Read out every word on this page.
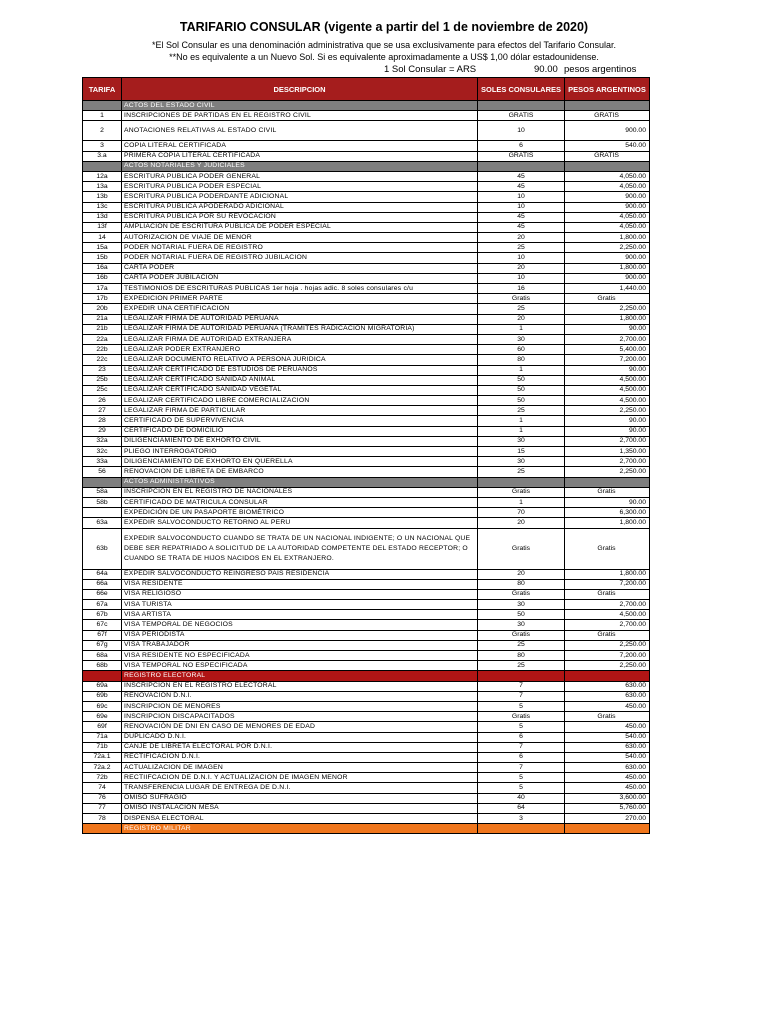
TARIFARIO CONSULAR (vigente a partir del 1 de noviembre de 2020)
*El Sol Consular es una denominación administrativa que se usa exclusivamente para efectos del Tarifario Consular.
**No es equivalente a un Nuevo Sol. Si es equivalente aproximadamente a US$ 1,00 dólar estadounidense.

1 Sol Consular = ARS

	90.00

pesos argentinos

TARIFA	DESCRIPCION	SOLES CONSULARES	PESOS ARGENTINOS
	ACTOS DEL ESTADO CIVIL		
1	INSCRIPCIONES DE PARTIDAS EN EL REGISTRO CIVIL	GRATIS	GRATIS
2	ANOTACIONES RELATIVAS AL ESTADO CIVIL	10	900.00
3	COPIA LITERAL CERTIFICADA	6	540.00
3.a	PRIMERA COPIA LITERAL CERTIFICADA	GRATIS	GRATIS
	ACTOS NOTARIALES Y JUDICIALES		
12a	ESCRITURA PUBLICA PODER GENERAL	45	4,050.00
13a	ESCRITURA PUBLICA PODER ESPECIAL	45	4,050.00
13b	ESCRITURA PUBLICA PODERDANTE ADICIONAL	10	900.00
13c	ESCRITURA PUBLICA APODERADO ADICIONAL	10	900.00
13d	ESCRITURA PUBLICA POR SU REVOCACION	45	4,050.00
13f	AMPLIACION DE ESCRITURA PUBLICA DE PODER ESPECIAL	45	4,050.00
14	AUTORIZACION DE VIAJE DE MENOR	20	1,800.00
15a	PODER NOTARIAL FUERA DE REGISTRO	25	2,250.00
15b	PODER NOTARIAL FUERA DE REGISTRO JUBILACION	10	900.00
16a	CARTA PODER	20	1,800.00
16b	CARTA PODER JUBILACION	10	900.00
17a	TESTIMONIOS DE ESCRITURAS PUBLICAS 1er hoja . hojas adic. 8 soles consulares c/u	16	1,440.00
17b	EXPEDICION PRIMER PARTE	Gratis	Gratis
20b	EXPEDIR UNA CERTIFICACION	25	2,250.00
21a	LEGALIZAR FIRMA DE AUTORIDAD PERUANA	20	1,800.00
21b	LEGALIZAR FIRMA DE AUTORIDAD PERUANA (TRAMITES RADICACION MIGRATORIA)	1	90.00
22a	LEGALIZAR FIRMA DE AUTORIDAD EXTRANJERA	30	2,700.00
22b	LEGALIZAR PODER EXTRANJERO	60	5,400.00
22c	LEGALIZAR DOCUMENTO RELATIVO A PERSONA JURIDICA	80	7,200.00
23	LEGALIZAR CERTIFICADO DE ESTUDIOS DE PERUANOS	1	90.00
25b	LEGALIZAR CERTIFICADO SANIDAD ANIMAL	50	4,500.00
25c	LEGALIZAR CERTIFICADO SANIDAD VEGETAL	50	4,500.00
26	LEGALIZAR CERTIFICADO LIBRE COMERCIALIZACION	50	4,500.00
27	LEGALIZAR FIRMA DE PARTICULAR	25	2,250.00
28	CERTIFICADO DE SUPERVIVENCIA	1	90.00
29	CERTIFICADO DE DOMICILIO	1	90.00
32a	DILIGENCIAMIENTO DE EXHORTO CIVIL	30	2,700.00
32c	PLIEGO INTERROGATORIO	15	1,350.00
33a	DILIGENCIAMIENTO DE EXHORTO EN QUERELLA	30	2,700.00
56	RENOVACION DE LIBRETA DE EMBARCO	25	2,250.00
	ACTOS ADMINISTRATIVOS		
58a	INSCRIPCIÓN EN EL REGISTRO DE NACIONALES	Gratis	Gratis
58b	CERTIFICADO DE MATRICULA CONSULAR	1	90.00
	EXPEDICIÓN DE UN PASAPORTE BIOMÉTRICO	70	6,300.00
63a	EXPEDIR SALVOCONDUCTO RETORNO AL PERU	20	1,800.00
63b	EXPEDIR SALVOCONDUCTO CUANDO SE TRATA DE UN NACIONAL INDIGENTE; O UN NACIONAL QUE DEBE SER REPATRIADO A SOLICITUD DE LA AUTORIDAD COMPETENTE DEL ESTADO RECEPTOR; O CUANDO SE TRATA DE HIJOS NACIDOS EN EL EXTRANJERO.	Gratis	Gratis
64a	EXPEDIR SALVOCONDUCTO REINGRESO PAIS RESIDENCIA	20	1,800.00
66a	VISA RESIDENTE	80	7,200.00
66e	VISA RELIGIOSO	Gratis	Gratis
67a	VISA TURISTA	30	2,700.00
67b	VISA ARTISTA	50	4,500.00
67c	VISA TEMPORAL DE NEGOCIOS	30	2,700.00
67f	VISA PERIODISTA	Gratis	Gratis
67g	VISA TRABAJADOR	25	2,250.00
68a	VISA RESIDENTE NO ESPECIFICADA	80	7,200.00
68b	VISA TEMPORAL NO ESPECIFICADA	25	2,250.00
	REGISTRO ELECTORAL		
69a	INSCRIPCION EN EL REGISTRO ELECTORAL	7	630.00
69b	RENOVACION D.N.I.	7	630.00
69c	INSCRIPCION DE MENORES	5	450.00
69e	INSCRIPCION DISCAPACITADOS	Gratis	Gratis
69f	RENOVACIÓN DE DNI EN CASO DE MENORES DE EDAD	5	450.00
71a	DUPLICADO D.N.I.	6	540.00
71b	CANJE DE LIBRETA ELECTORAL POR D.N.I.	7	630.00
72a.1	RECTIFICACION D.N.I.	6	540.00
72a.2	ACTUALIZACION DE IMAGEN	7	630.00
72b	RECTIIFCACION DE D.N.I. Y ACTUALIZACION DE IMAGEN MENOR	5	450.00
74	TRANSFERENCIA LUGAR DE ENTREGA DE D.N.I.	5	450.00
76	OMISO SUFRAGIO	40	3,600.00
77	OMISO INSTALACION MESA	64	5,760.00
78	DISPENSA ELECTORAL	3	270.00
	REGISTRO MILITAR		
